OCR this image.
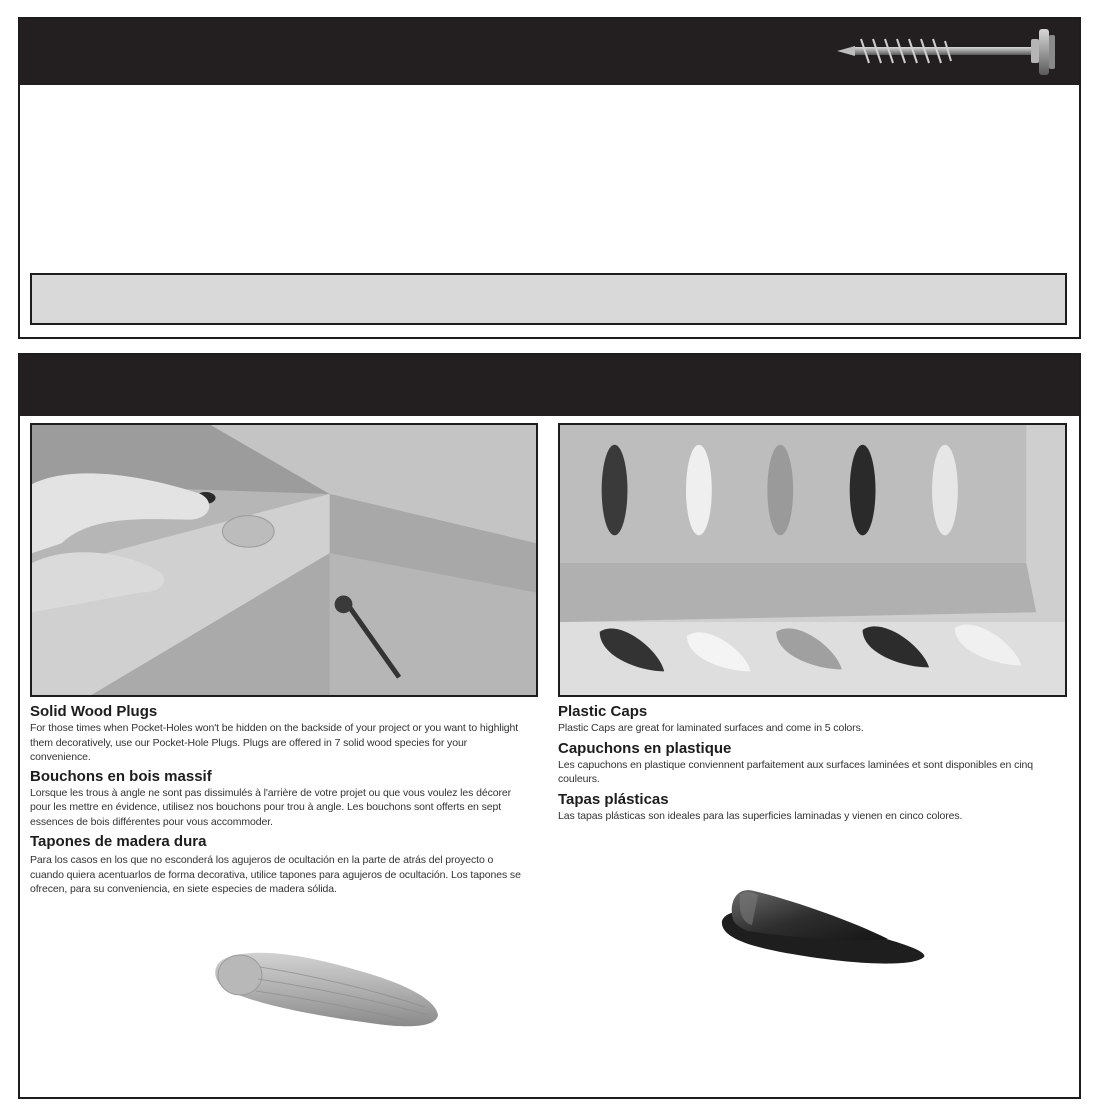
Solid Wood Plugs

For those times when Pocket-Holes won't be hidden on the backside of your project or you want to highlight them decoratively, use our Pocket-Hole Plugs. Plugs are offered in 7 solid wood species for your convenience.

Bouchons en bois massif

Lorsque les trous à angle ne sont pas dissimulés à l'arrière de votre projet ou que vous voulez les décorer pour les mettre en évidence, utilisez nos bouchons pour trou à angle. Les bouchons sont offerts en sept essences de bois différentes pour vous accommoder.

Tapones de madera dura

Para los casos en los que no esconderá los agujeros de ocultación en la parte de atrás del proyecto o cuando quiera acentuarlos de forma decorativa, utilice tapones para agujeros de ocultación. Los tapones se ofrecen, para su conveniencia, en siete especies de madera sólida.

Plastic Caps

Plastic Caps are great for laminated surfaces and come in 5 colors.

Capuchons en plastique

Les capuchons en plastique conviennent parfaitement aux surfaces laminées et sont disponibles en cinq couleurs.

Tapas plásticas

Las tapas plásticas son ideales para las superficies laminadas y vienen en cinco colores.
